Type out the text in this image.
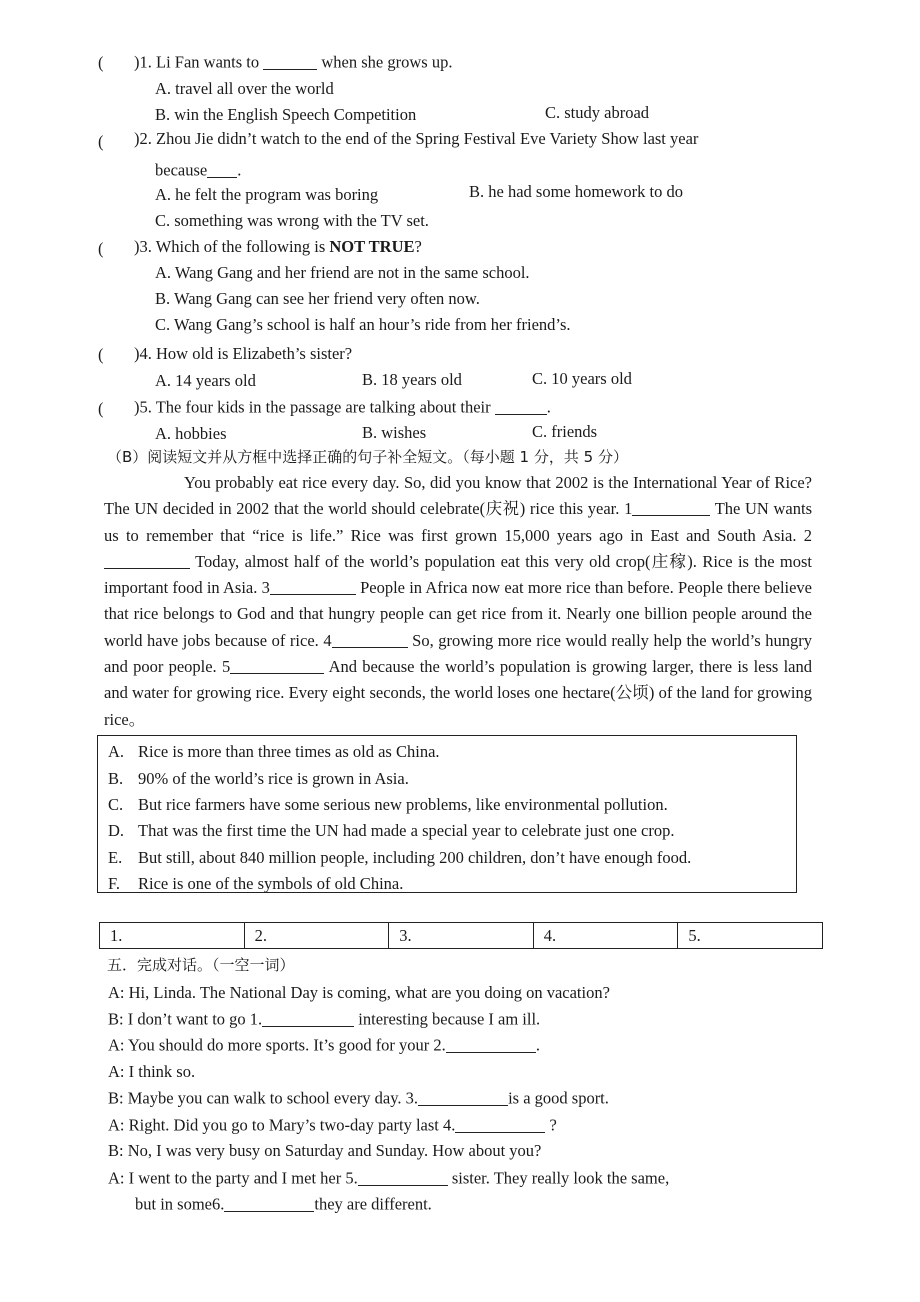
( )1. Li Fan wants to	when she grows up.
A. travel all over the world
B. win the English Speech Competition	C. study abroad
( )2. Zhou Jie didn’t watch to the end of the Spring Festival Eve Variety Show last year
because .
A. he felt the program was boring	B. he had some homework to do
C. something was wrong with the TV set.
( )3. Which of the following is NOT TRUE?
A. Wang Gang and her friend are not in the same school.
B. Wang Gang can see her friend very often now.
C. Wang Gang’s school is half an hour’s ride from her friend’s.
( )4. How old is Elizabeth’s sister?
A. 14 years old	B. 18 years old	C. 10 years old
( )5. The four kids in the passage are talking about their	.
A. hobbies	B. wishes	C. friends
（B）阅读短文并从方框中选择正确的句子补全短文。（每小题 1 分，共 5 分）
You probably eat rice every day. So, did you know that 2002 is the International Year of Rice? The UN decided in 2002 that the world should celebrate(庆祝) rice this year. 1	The UN wants us to remember that “rice is life.” Rice was first grown 15,000 years ago in East and South Asia. 2 Today, almost half of the world’s population eat this very old crop(庄稼). Rice is the most important food in Asia. 3	People in Africa now eat more rice than before. People there believe that rice belongs to God and that hungry people can get rice from it. Nearly one billion people around the world have jobs because of rice. 4	So, growing more rice would really help the world’s hungry and poor people. 5	And because the world’s population is growing larger, there is less land and water for growing rice. Every eight seconds, the world loses one hectare(公顷) of the land for growing rice。
A. Rice is more than three times as old as China.
B. 90% of the world’s rice is grown in Asia.
C. But rice farmers have some serious new problems, like environmental pollution.
D. That was the first time the UN had made a special year to celebrate just one crop.
E. But still, about 840 million people, including 200 children, don’t have enough food.
F. Rice is one of the symbols of old China.
1.	2.	3.	4.	5.
五．完成对话。（一空一词）
A: Hi, Linda. The National Day is coming, what are you doing on vacation?
B: I don’t want to go 1.	interesting because I am ill.
A: You should do more sports. It’s good for your 2.	.
A: I think so.
B: Maybe you can walk to school every day. 3.	is a good sport.
A: Right. Did you go to Mary’s two-day party last 4.	?
B: No, I was very busy on Saturday and Sunday. How about you?
A: I went to the party and I met her 5.	sister. They really look the same,
but in some6.	they are different.
